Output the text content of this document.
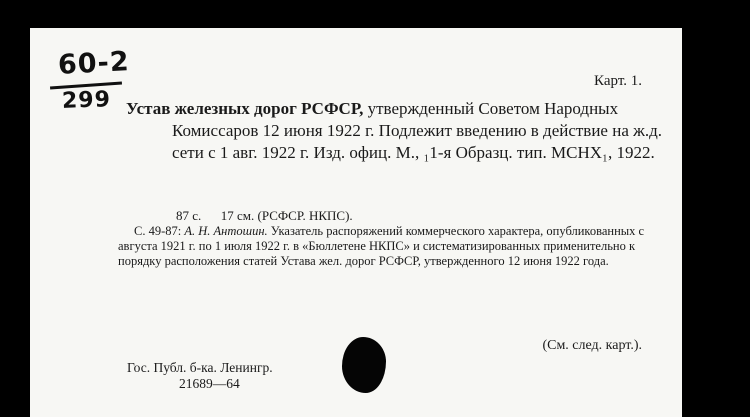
60-2
299
Карт. 1.
Устав железных дорог РСФСР, утвержденный Советом Народных Комиссаров 12 июня 1922 г. Подлежит введению в действие на ж.д. сети с 1 авг. 1922 г. Изд. офиц. М., ₁1-я Образц. тип. МСНХ₁, 1922.
87 с.      17 см. (РСФСР. НКПС).
С. 49-87: А. Н. Антошин. Указатель распоряжений коммерческого характера, опубликованных с августа 1921 г. по 1 июля 1922 г. в «Бюллетене НКПС» и систематизированных применительно к порядку расположения статей Устава жел. дорог РСФСР, утвержденного 12 июня 1922 года.
(См. след. карт.).
Гос. Публ. б-ка. Ленингр.
21689—64
